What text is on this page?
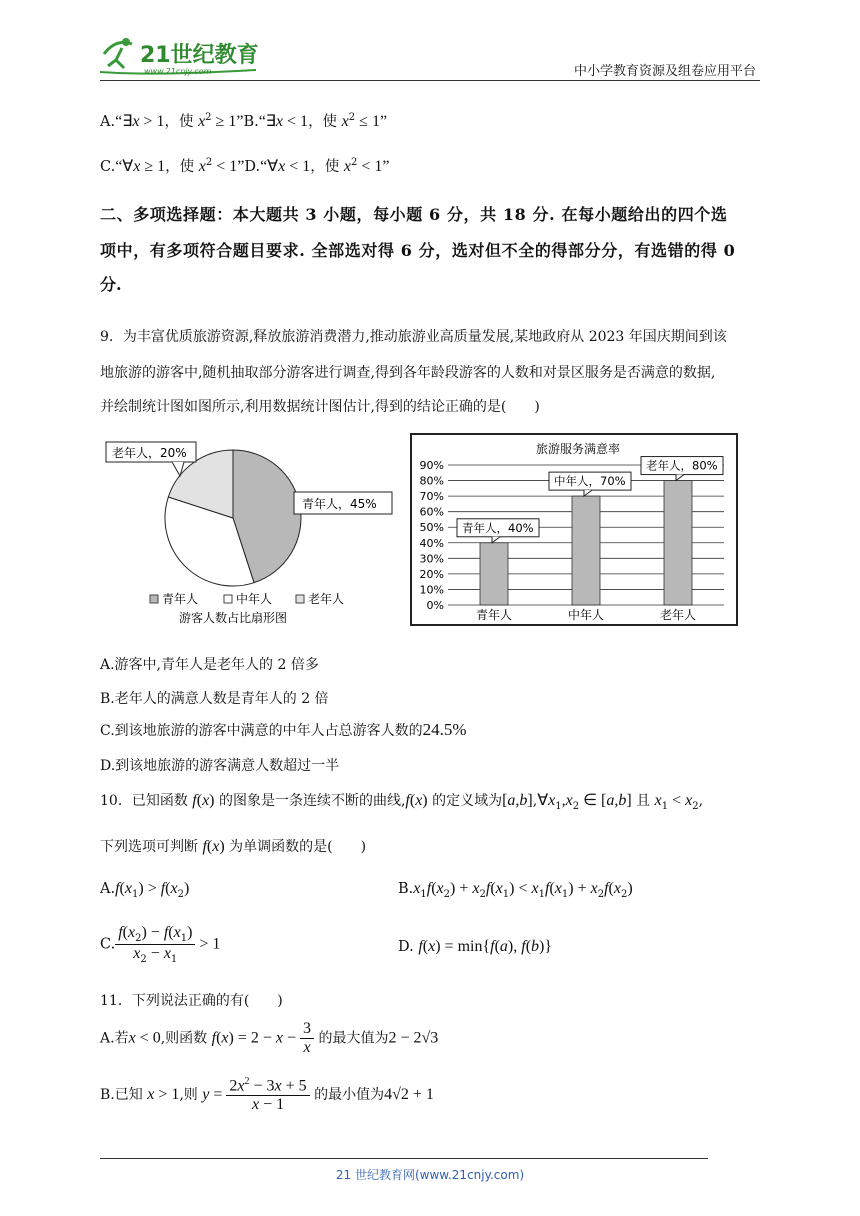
21世纪教育
www.21cnjy.com	中小学教育资源及组卷应用平台
A.“∃x > 1，使 $x^2$ ≥ 1”B.“∃x < 1，使 $x^2 \le 1$”
C.“∀x ≥ 1，使 $x^2$ < 1”D.“∀x < 1，使 $x^2 < 1$”
二、多项选择题：本大题共 3 小题，每小题 6 分，共 18 分. 在每小题给出的四个选
项中，有多项符合题目要求. 全部选对得 6 分，选对但不全的得部分分，有选错的得 0
分.
9．为丰富优质旅游资源,释放旅游消费潜力,推动旅游业高质量发展,某地政府从 2023 年国庆期间到该
地旅游的游客中,随机抽取部分游客进行调查,得到各年龄段游客的人数和对景区服务是否满意的数据,
并绘制统计图如图所示,利用数据统计图估计,得到的结论正确的是(　　)
老年人，20%
青年人，45%
青年人	中年人	老年人
游客人数占比扇形图
旅游服务满意率
0%
10%
20%
30%
40%
50%
60%
70%
80%
90%
青年人	中年人	老年人
青年人，40%
中年人，70%
老年人，80%
A.游客中,青年人是老年人的 2 倍多
B.老年人的满意人数是青年人的 2 倍
C.到该地旅游的游客中满意的中年人占总游客人数的24.5%
D.到该地旅游的游客满意人数超过一半
10．已知函数 f(x) 的图象是一条连续不断的曲线,f(x) 的定义域为$[a,b],\forall x_1,x_2$ ∈ [a,b] 且 $x_1 < x_2$,
下列选项可判断 f(x) 为单调函数的是(　　)
$A.f(x_1) > f(x_2)$	$B.x_1f(x_2) + x_2f(x_1) < x_1f(x_1) + x_2f(x_2)$
C. $\frac{f(x_2) - f(x_1)}{x_2 - x_1} > 1$	D. f(x) = min{f(a), f(b)}
11．下列说法正确的有(　　)
A.若x < 0,则函数 $f(x) = 2 - x - \frac{3}{x}$ 的最大值为2 − 2√3
B.已知 x > 1,则 $y = \frac{2x^2 - 3x + 5}{x - 1}$ 的最小值为4√2 + 1
21 世纪教育网(www.21cnjy.com)
